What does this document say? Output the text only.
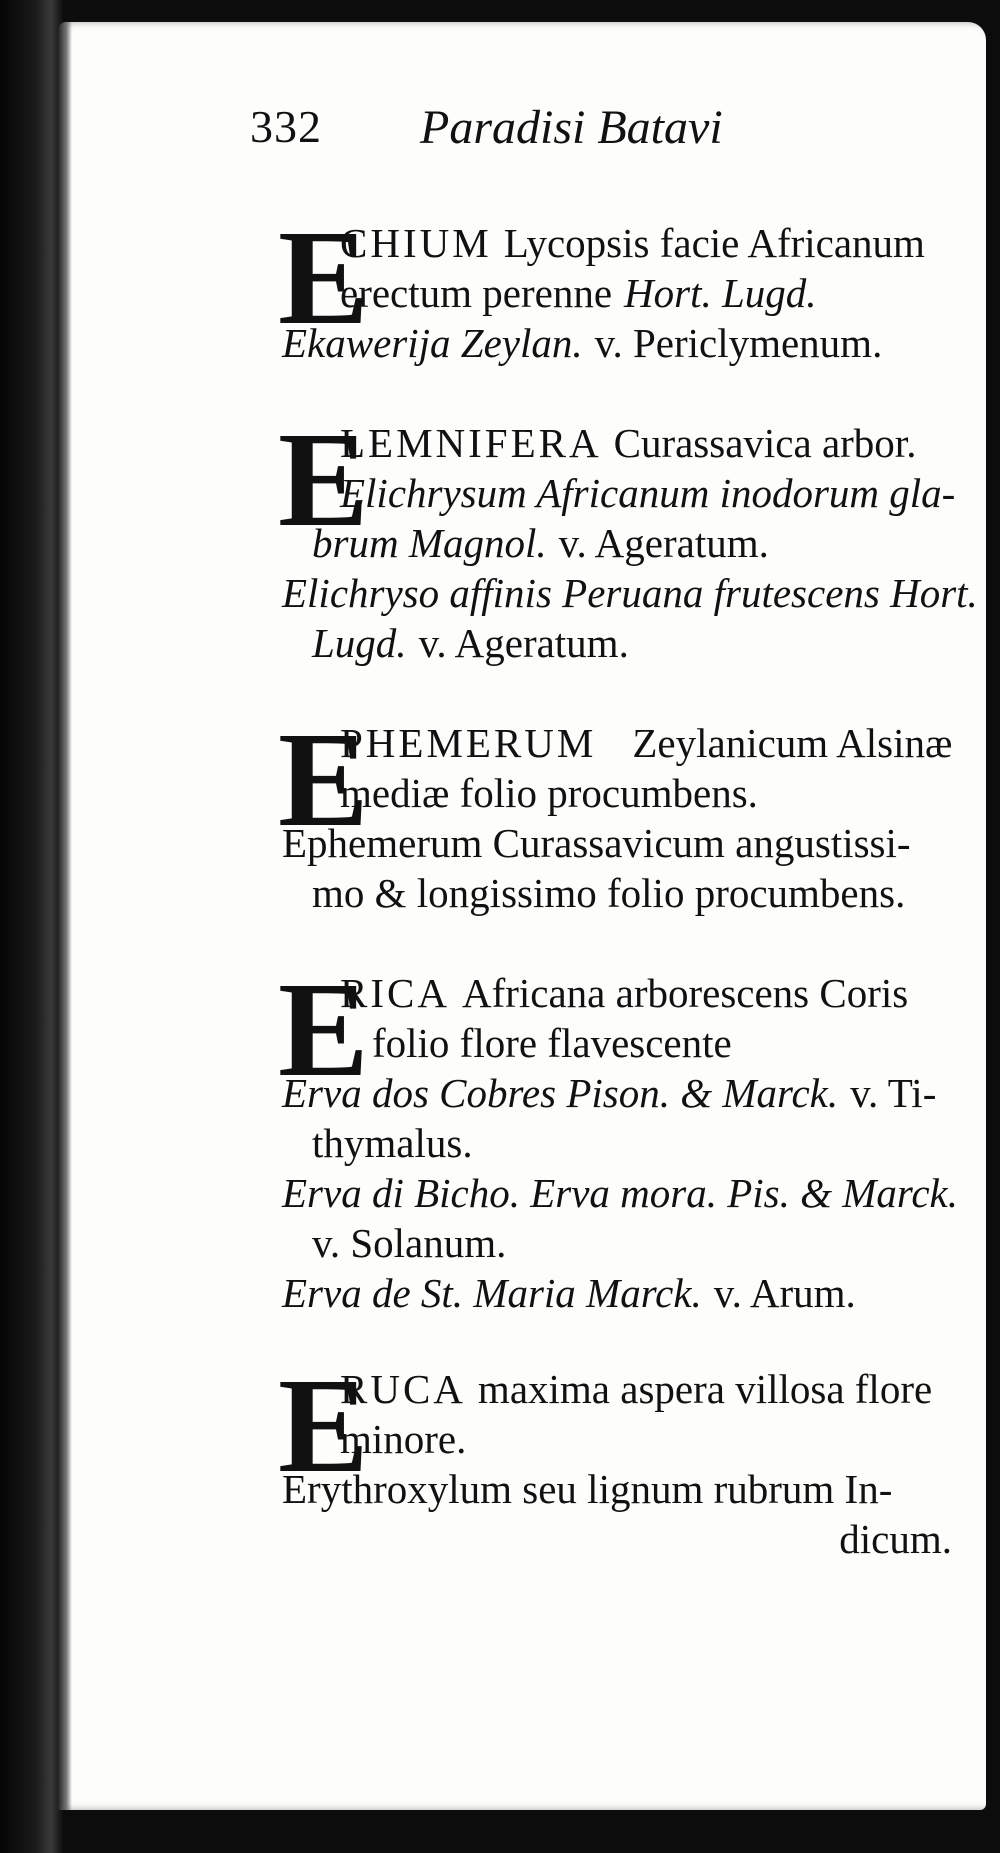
332 Paradisi Batavi
E
CHIUM Lycopsis facie Africanum
erectum perenne Hort. Lugd.
Ekawerija Zeylan. v. Periclymenum.
E
LEMNIFERA Curassavica arbor.
Elichrysum Africanum inodorum gla-
brum Magnol. v. Ageratum.
Elichryso affinis Peruana frutescens Hort.
Lugd. v. Ageratum.
E
PHEMERUM Zeylanicum Alsinæ
mediæ folio procumbens.
Ephemerum Curassavicum angustissi-
mo & longissimo folio procumbens.
E
RICA Africana arborescens Coris
folio flore flavescente
Erva dos Cobres Pison. & Marck. v. Ti-
thymalus.
Erva di Bicho. Erva mora. Pis. & Marck.
v. Solanum.
Erva de St. Maria Marck. v. Arum.
E
RUCA maxima aspera villosa flore
minore.
Erythroxylum seu lignum rubrum In-
dicum.
